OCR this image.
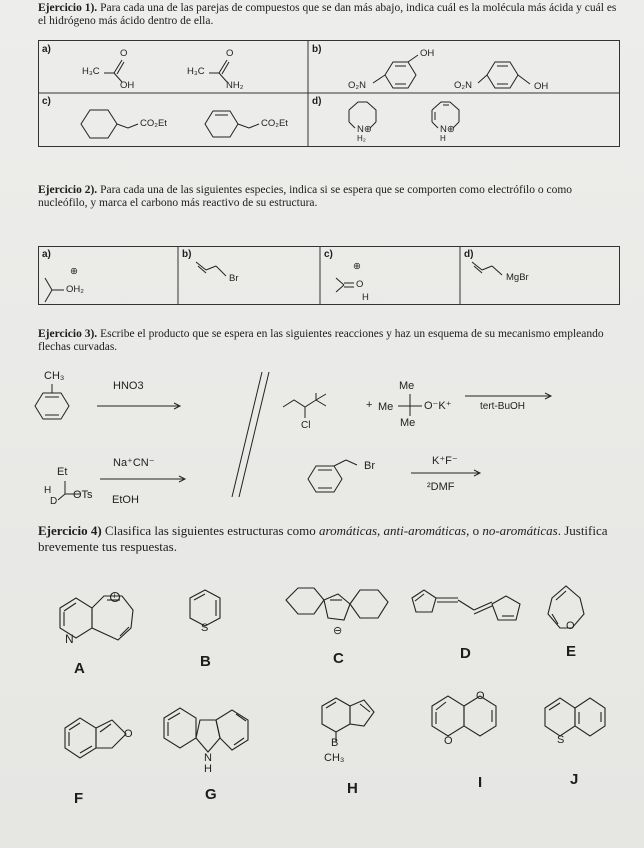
Ejercicio 1). Para cada una de las parejas de compuestos que se dan más abajo, indica cuál es la molécula más ácida y cuál es el hidrógeno más ácido dentro de ella.
a)	b)
c)	d)
H₃C
O
OH
H₃C
O
NH₂
OH
O₂N	O₂N	OH
CO₂Et	CO₂Et
N⊕
H₂
N⊕
H
Ejercicio 2). Para cada una de las siguientes especies, indica si se espera que se comporten como electrófilo o como nucleófilo, y marca el carbono más reactivo de su estructura.
a)	b)	c)	d)
OH₂
⊕
Br
O
⊕
H
MgBr
Ejercicio 3). Escribe el producto que se espera en las siguientes reacciones y haz un esquema de su mecanismo empleando flechas curvadas.
CH₃
HNO3
Et
H
D
OTs
Na⁺CN⁻
EtOH
Cl
+
Me
Me
Me
O⁻K⁺	tert-BuOH
Br	K⁺F⁻
²DMF
Ejercicio 4) Clasifica las siguientes estructuras como aromáticas, anti-aromáticas, o no-aromáticas. Justifica brevemente tus respuestas.
N
+
S	⊖	O
O
N
H
B
CH₃
O
O	S
A	B	C	D	E
F	G	H	I	J
